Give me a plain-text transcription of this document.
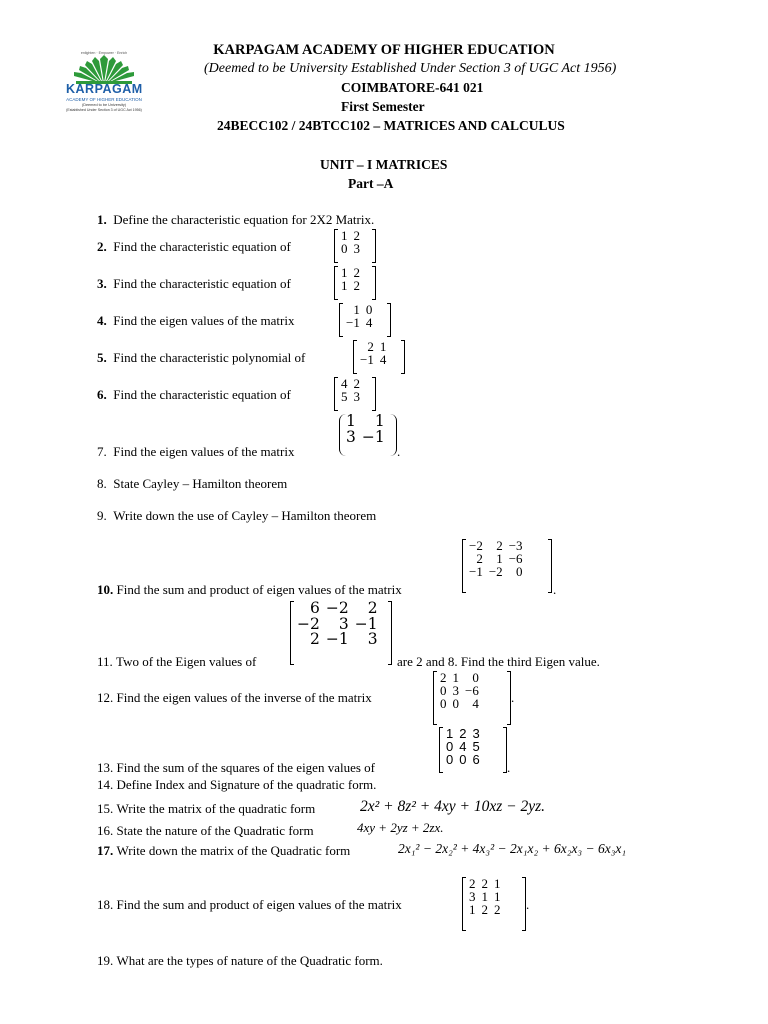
KARPAGAM ACADEMY OF HIGHER EDUCATION
(Deemed to be University Established Under Section 3 of UGC Act 1956)
COIMBATORE-641 021
First Semester
24BECC102 / 24BTCC102 – MATRICES AND CALCULUS
UNIT – I MATRICES
Part –A
enlighten · Empower · Enrich
KARPAGAM
ACADEMY OF HIGHER EDUCATION
(Deemed to be University)
(Established Under Section 3 of UGC Act 1956)
1. Define the characteristic equation for 2X2 Matrix.
2. Find the characteristic equation of
1	2
0	3
3. Find the characteristic equation of
1	2
1	2
4. Find the eigen values of the matrix
1	0
−1	4
5. Find the characteristic polynomial of
2	1
−1	4
6. Find the characteristic equation of
4	2
5	3
7. Find the eigen values of the matrix
1	1
3	−1
.
8. State Cayley – Hamilton theorem
9. Write down the use of Cayley – Hamilton theorem
10. Find the sum and product of eigen values of the matrix
−2	2	−3
2	1	−6
−1	−2	0
.
11. Two of the Eigen values of
6	−2	2
−2	3	−1
2	−1	3
are 2 and 8. Find the third Eigen value.
12. Find the eigen values of the inverse of the matrix
2	1	0
0	3	−6
0	0	4 .
13. Find the sum of the squares of the eigen values of
1	2	3
0	4	5
0	0	6
.
14. Define Index and Signature of the quadratic form.
15. Write the matrix of the quadratic form	2x² + 8z² + 4xy + 10xz − 2yz.
16. State the nature of the Quadratic form	4xy + 2yz + 2zx.
17. Write down the matrix of the Quadratic form	2x₁² − 2x₂² + 4x₃² − 2x₁x₂ + 6x₂x₃ − 6x₃x₁
18. Find the sum and product of eigen values of the matrix
2	2	1
3	1	1
1	2	2 .
19. What are the types of nature of the Quadratic form.
